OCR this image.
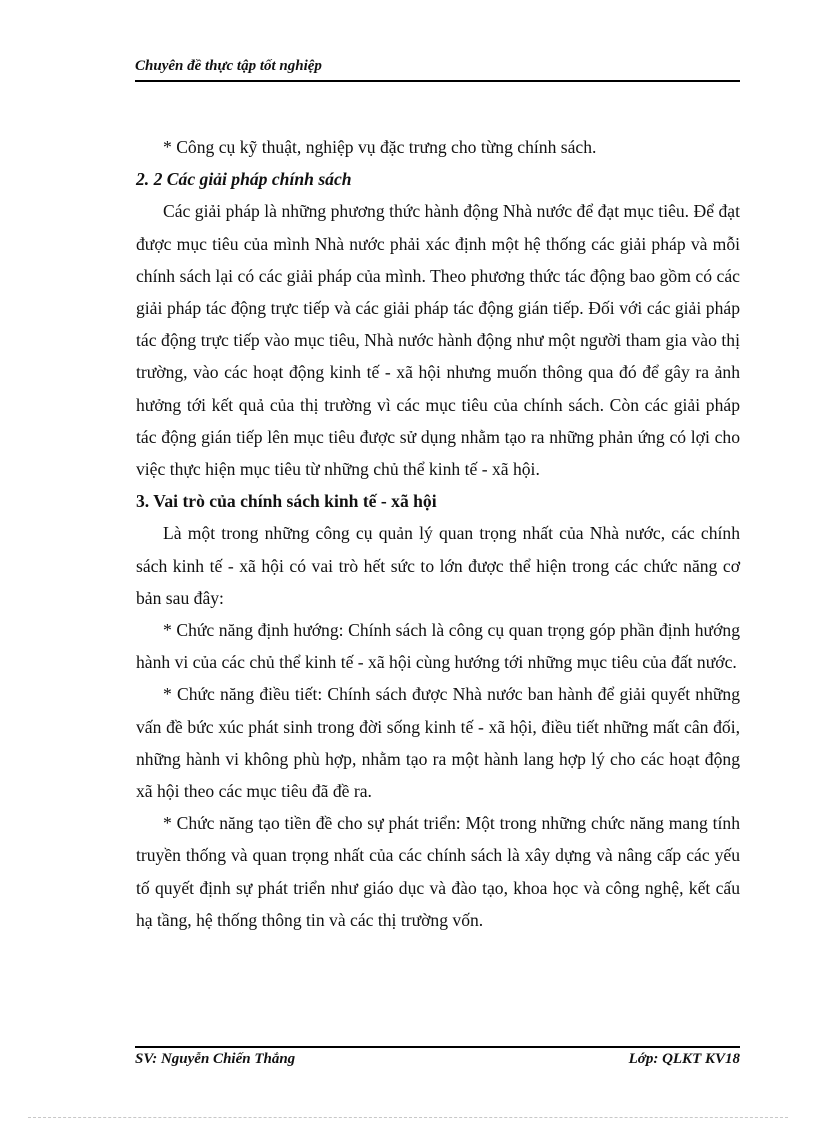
Chuyên đề thực tập tốt nghiệp

* Công cụ kỹ thuật, nghiệp vụ đặc trưng cho từng chính sách.

2. 2 Các giải pháp chính sách

Các giải pháp là những phương thức hành động Nhà nước để đạt mục tiêu. Để đạt được mục tiêu của mình Nhà nước phải xác định một hệ thống các giải pháp và mỗi chính sách lại có các giải pháp của mình. Theo phương thức tác động bao gồm có các giải pháp tác động trực tiếp và các giải pháp tác động gián tiếp. Đối với các giải pháp tác động trực tiếp vào mục tiêu, Nhà nước hành động như một người tham gia vào thị trường, vào các hoạt động kinh tế - xã hội nhưng muốn thông qua đó để gây ra ảnh hưởng tới kết quả của thị trường vì các mục tiêu của chính sách. Còn các giải pháp tác động gián tiếp lên mục tiêu được sử dụng nhằm tạo ra những phản ứng có lợi cho việc thực hiện mục tiêu từ những chủ thể kinh tế - xã hội.

3. Vai trò của chính sách kinh tế - xã hội

Là một trong những công cụ quản lý quan trọng nhất của Nhà nước, các chính sách kinh tế - xã hội có vai trò hết sức to lớn được thể hiện trong các chức năng cơ bản sau đây:

* Chức năng định hướng: Chính sách là công cụ quan trọng góp phần định hướng hành vi của các chủ thể kinh tế - xã hội cùng hướng tới những mục tiêu của đất nước.

* Chức năng điều tiết: Chính sách được Nhà nước ban hành để giải quyết những vấn đề bức xúc phát sinh trong đời sống kinh tế - xã hội, điều tiết những mất cân đối, những hành vi không phù hợp, nhằm tạo ra một hành lang hợp lý cho các hoạt động xã hội theo các mục tiêu đã đề ra.

* Chức năng tạo tiền đề cho sự phát triển: Một trong những chức năng mang tính truyền thống và quan trọng nhất của các chính sách là xây dựng và nâng cấp các yếu tố quyết định sự phát triển như giáo dục và đào tạo, khoa học và công nghệ, kết cấu hạ tầng, hệ thống thông tin và các thị trường vốn.

SV: Nguyễn Chiến Thắng	Lớp: QLKT KV18
